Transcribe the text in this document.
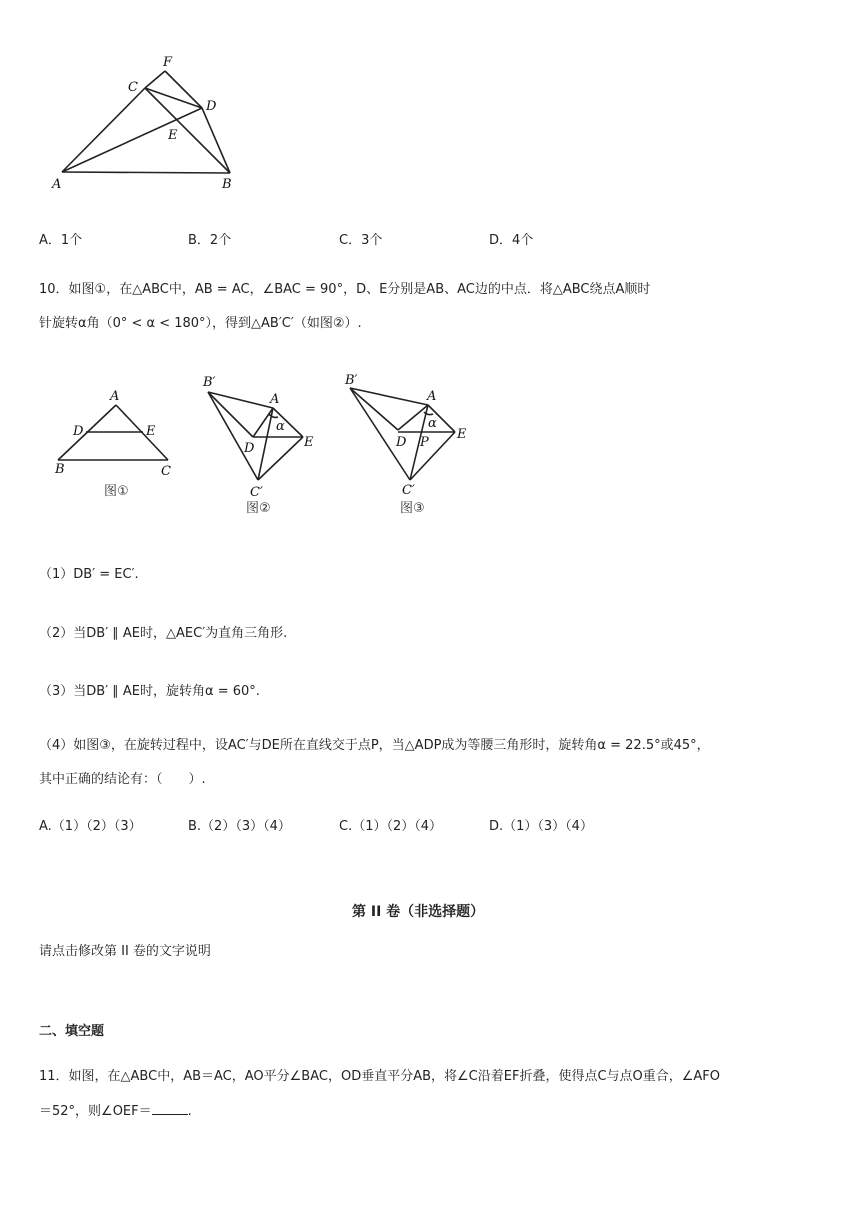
F
C
D
E
A	B
A．1个	B．2个	C．3个	D．4个
10．如图①，在△ABC中，AB = AC，∠BAC = 90°，D、E分别是AB、AC边的中点．将△ABC绕点A顺时
针旋转α角（0° < α < 180°），得到△AB′C′（如图②）.
A
D	E
B	C
图①
B′
A
α
D	E
C′
图②
B′
A
α
D P
E
C′
图③
（1）DB′ = EC′.
（2）当DB′ ∥ AE时，△AEC′为直角三角形.
（3）当DB′ ∥ AE时，旋转角α = 60°.
（4）如图③，在旋转过程中，设AC′与DE所在直线交于点P，当△ADP成为等腰三角形时，旋转角α = 22.5°或45°，
其中正确的结论有：（　　）.
A.（1）（2）（3）	B.（2）（3）（4）	C.（1）（2）（4）	D.（1）（3）（4）
第 II 卷（非选择题）
请点击修改第 II 卷的文字说明
二、填空题
11．如图，在△ABC中，AB＝AC，AO平分∠BAC，OD垂直平分AB，将∠C沿着EF折叠，使得点C与点O重合，∠AFO
＝52°，则∠OEF＝	.
